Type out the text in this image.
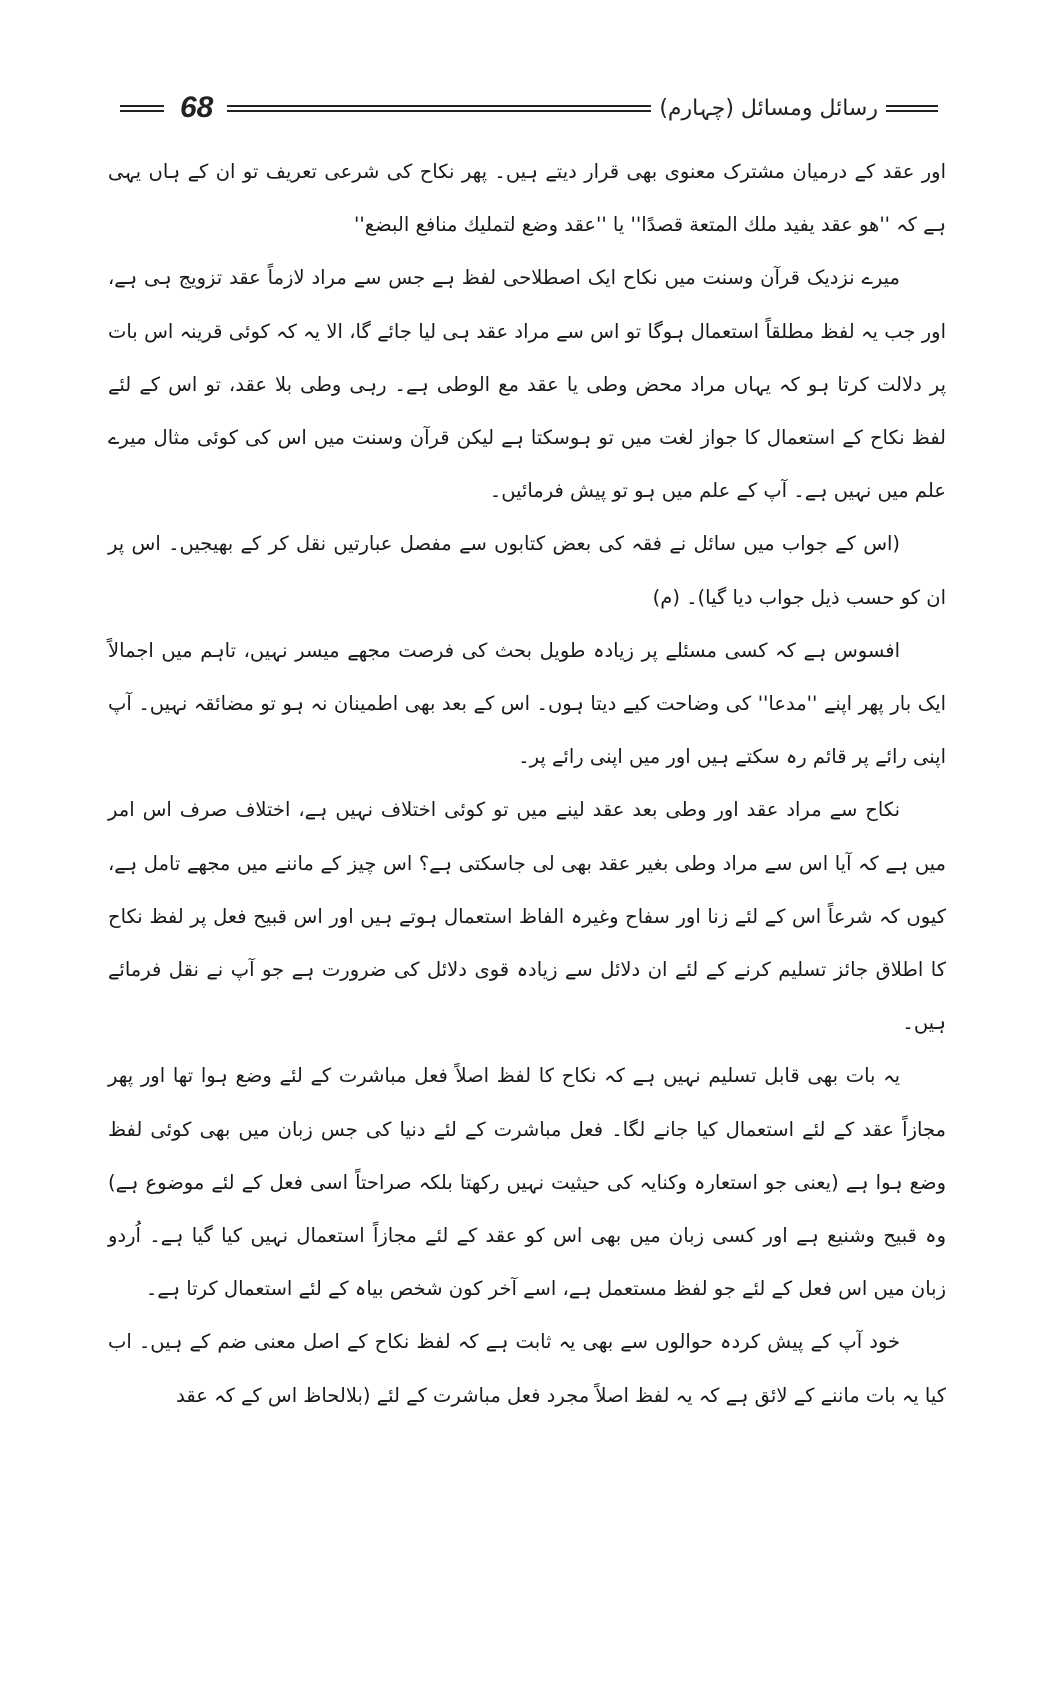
68	رسائل ومسائل (چہارم)

اور عقد کے درمیان مشترک معنوی بھی قرار دیتے ہیں۔ پھر نکاح کی شرعی تعریف تو ان کے ہاں یہی ہے کہ ''هو عقد يفيد ملك المتعة قصدًا'' یا ''عقد وضع لتمليك منافع البضع''

میرے نزدیک قرآن وسنت میں نکاح ایک اصطلاحی لفظ ہے جس سے مراد لازماً عقد تزویج ہی ہے، اور جب یہ لفظ مطلقاً استعمال ہوگا تو اس سے مراد عقد ہی لیا جائے گا، الا یہ کہ کوئی قرینہ اس بات پر دلالت کرتا ہو کہ یہاں مراد محض وطی یا عقد مع الوطی ہے۔ رہی وطی بلا عقد، تو اس کے لئے لفظ نکاح کے استعمال کا جواز لغت میں تو ہوسکتا ہے لیکن قرآن وسنت میں اس کی کوئی مثال میرے علم میں نہیں ہے۔ آپ کے علم میں ہو تو پیش فرمائیں۔

(اس کے جواب میں سائل نے فقہ کی بعض کتابوں سے مفصل عبارتیں نقل کر کے بھیجیں۔ اس پر ان کو حسب ذیل جواب دیا گیا)۔ (م)

افسوس ہے کہ کسی مسئلے پر زیادہ طویل بحث کی فرصت مجھے میسر نہیں، تاہم میں اجمالاً ایک بار پھر اپنے ''مدعا'' کی وضاحت کیے دیتا ہوں۔ اس کے بعد بھی اطمینان نہ ہو تو مضائقہ نہیں۔ آپ اپنی رائے پر قائم رہ سکتے ہیں اور میں اپنی رائے پر۔

نکاح سے مراد عقد اور وطی بعد عقد لینے میں تو کوئی اختلاف نہیں ہے، اختلاف صرف اس امر میں ہے کہ آیا اس سے مراد وطی بغیر عقد بھی لی جاسکتی ہے؟ اس چیز کے ماننے میں مجھے تامل ہے، کیوں کہ شرعاً اس کے لئے زنا اور سفاح وغیرہ الفاظ استعمال ہوتے ہیں اور اس قبیح فعل پر لفظ نکاح کا اطلاق جائز تسلیم کرنے کے لئے ان دلائل سے زیادہ قوی دلائل کی ضرورت ہے جو آپ نے نقل فرمائے ہیں۔

یہ بات بھی قابل تسلیم نہیں ہے کہ نکاح کا لفظ اصلاً فعل مباشرت کے لئے وضع ہوا تھا اور پھر مجازاً عقد کے لئے استعمال کیا جانے لگا۔ فعل مباشرت کے لئے دنیا کی جس زبان میں بھی کوئی لفظ وضع ہوا ہے (یعنی جو استعارہ وکنایہ کی حیثیت نہیں رکھتا بلکہ صراحتاً اسی فعل کے لئے موضوع ہے) وہ قبیح وشنیع ہے اور کسی زبان میں بھی اس کو عقد کے لئے مجازاً استعمال نہیں کیا گیا ہے۔ اُردو زبان میں اس فعل کے لئے جو لفظ مستعمل ہے، اسے آخر کون شخص بیاہ کے لئے استعمال کرتا ہے۔

خود آپ کے پیش کردہ حوالوں سے بھی یہ ثابت ہے کہ لفظ نکاح کے اصل معنی ضم کے ہیں۔ اب کیا یہ بات ماننے کے لائق ہے کہ یہ لفظ اصلاً مجرد فعل مباشرت کے لئے (بلالحاظ اس کے کہ عقد
